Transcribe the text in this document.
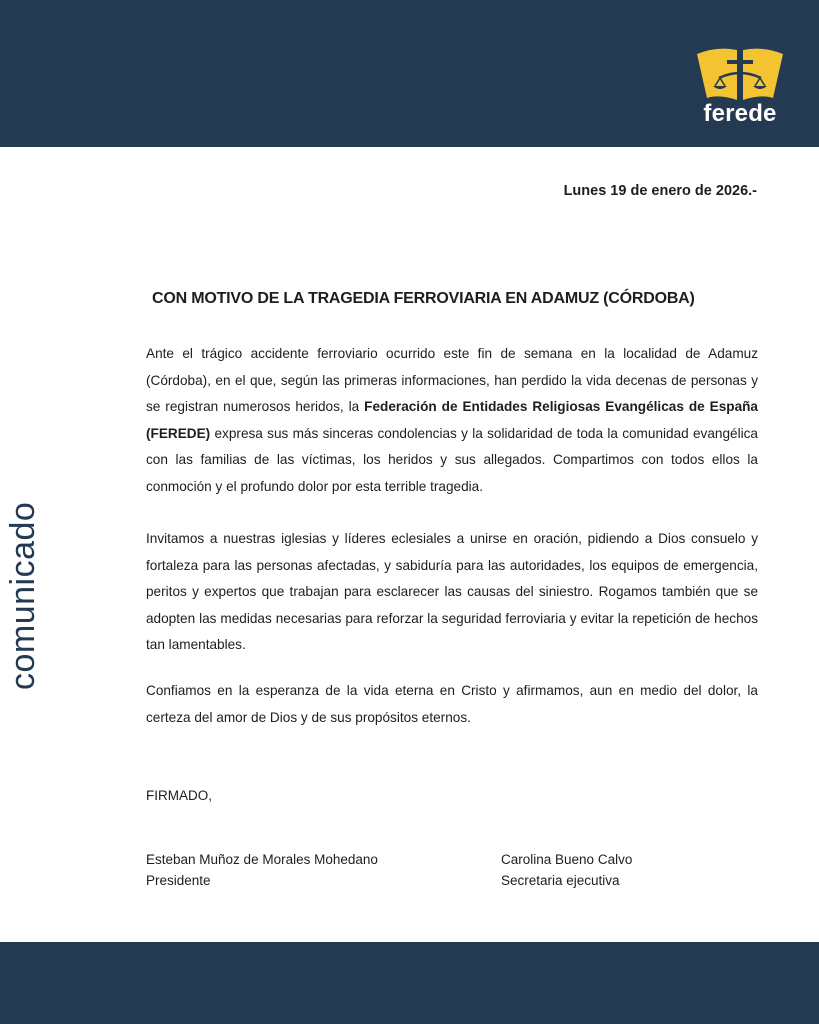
ferede
comunicado
Lunes 19 de enero de 2026.-
CON MOTIVO DE LA TRAGEDIA FERROVIARIA EN ADAMUZ (CÓRDOBA)

Ante el trágico accidente ferroviario ocurrido este fin de semana en la localidad de Adamuz (Córdoba), en el que, según las primeras informaciones, han perdido la vida decenas de personas y se registran numerosos heridos, la Federación de Entidades Religiosas Evangélicas de España (FEREDE) expresa sus más sinceras condolencias y la solidaridad de toda la comunidad evangélica con las familias de las víctimas, los heridos y sus allegados. Compartimos con todos ellos la conmoción y el profundo dolor por esta terrible tragedia.

Invitamos a nuestras iglesias y líderes eclesiales a unirse en oración, pidiendo a Dios consuelo y fortaleza para las personas afectadas, y sabiduría para las autoridades, los equipos de emergencia, peritos y expertos que trabajan para esclarecer las causas del siniestro. Rogamos también que se adopten las medidas necesarias para reforzar la seguridad ferroviaria y evitar la repetición de hechos tan lamentables.

Confiamos en la esperanza de la vida eterna en Cristo y afirmamos, aun en medio del dolor, la certeza del amor de Dios y de sus propósitos eternos.

FIRMADO,
Esteban Muñoz de Morales Mohedano
Presidente
Carolina Bueno Calvo
Secretaria ejecutiva
